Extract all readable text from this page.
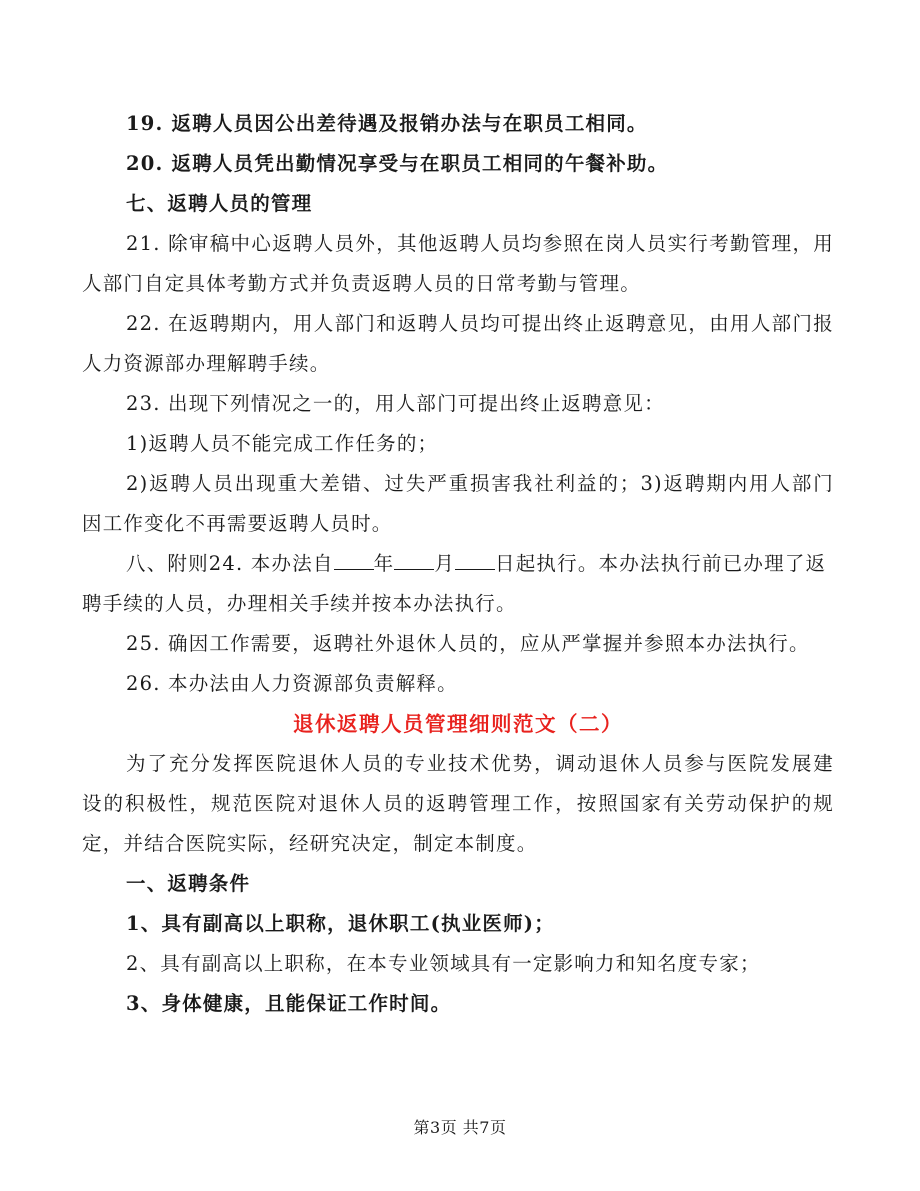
19. 返聘人员因公出差待遇及报销办法与在职员工相同。
20. 返聘人员凭出勤情况享受与在职员工相同的午餐补助。
七、返聘人员的管理
21. 除审稿中心返聘人员外，其他返聘人员均参照在岗人员实行考勤管理，用
人部门自定具体考勤方式并负责返聘人员的日常考勤与管理。
22. 在返聘期内，用人部门和返聘人员均可提出终止返聘意见，由用人部门报
人力资源部办理解聘手续。
23. 出现下列情况之一的，用人部门可提出终止返聘意见：
1)返聘人员不能完成工作任务的；
2)返聘人员出现重大差错、过失严重损害我社利益的；3)返聘期内用人部门
因工作变化不再需要返聘人员时。
八、附则24. 本办法自 年 月 日起执行。本办法执行前已办理了返
聘手续的人员，办理相关手续并按本办法执行。
25. 确因工作需要，返聘社外退休人员的，应从严掌握并参照本办法执行。
26. 本办法由人力资源部负责解释。
退休返聘人员管理细则范文（二）
为了充分发挥医院退休人员的专业技术优势，调动退休人员参与医院发展建
设的积极性，规范医院对退休人员的返聘管理工作，按照国家有关劳动保护的规
定，并结合医院实际，经研究决定，制定本制度。
一、返聘条件
1、具有副高以上职称，退休职工(执业医师)；
2、具有副高以上职称，在本专业领域具有一定影响力和知名度专家；
3、身体健康，且能保证工作时间。
第3页 共7页
